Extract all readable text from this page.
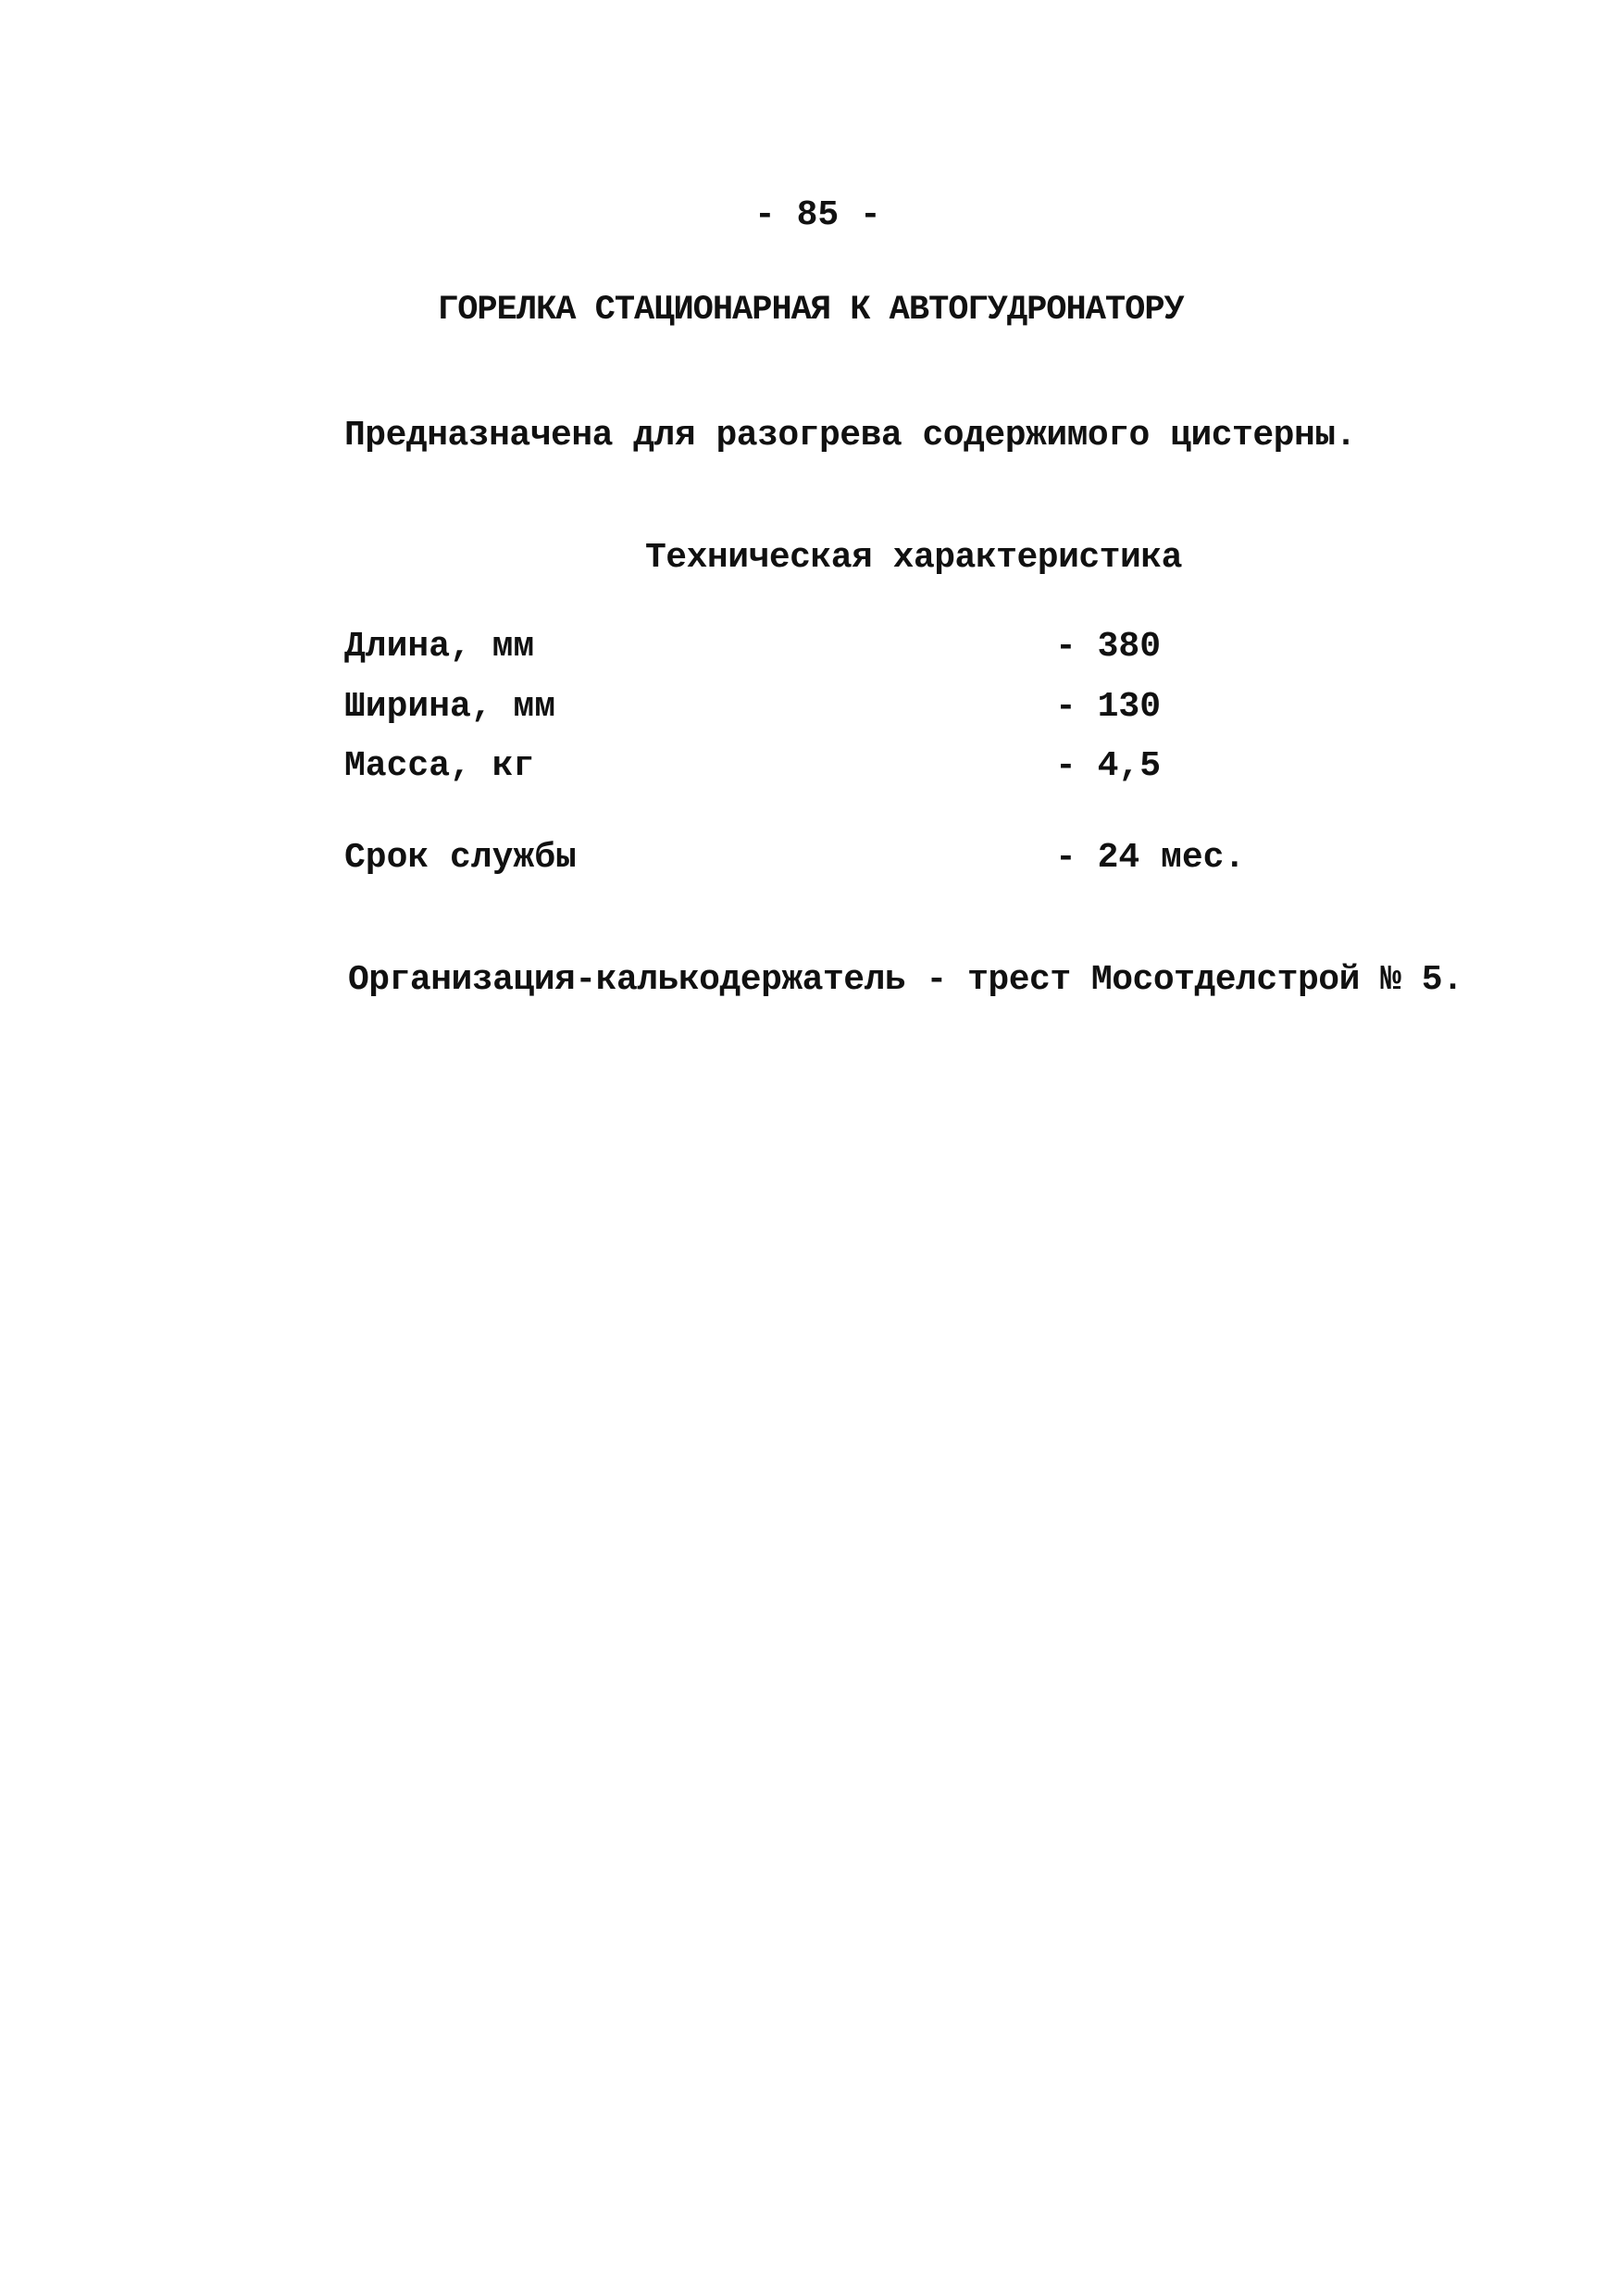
- 85 -
ГОРЕЛКА СТАЦИОНАРНАЯ К АВТОГУДРОНАТОРУ
Предназначена для разогрева содержимого цистерны.
Техническая характеристика
Длина, мм	- 380
Ширина, мм	- 130
Масса, кг	- 4,5
Срок службы	- 24 мес.
Организация-калькодержатель - трест Мосотделстрой № 5.
